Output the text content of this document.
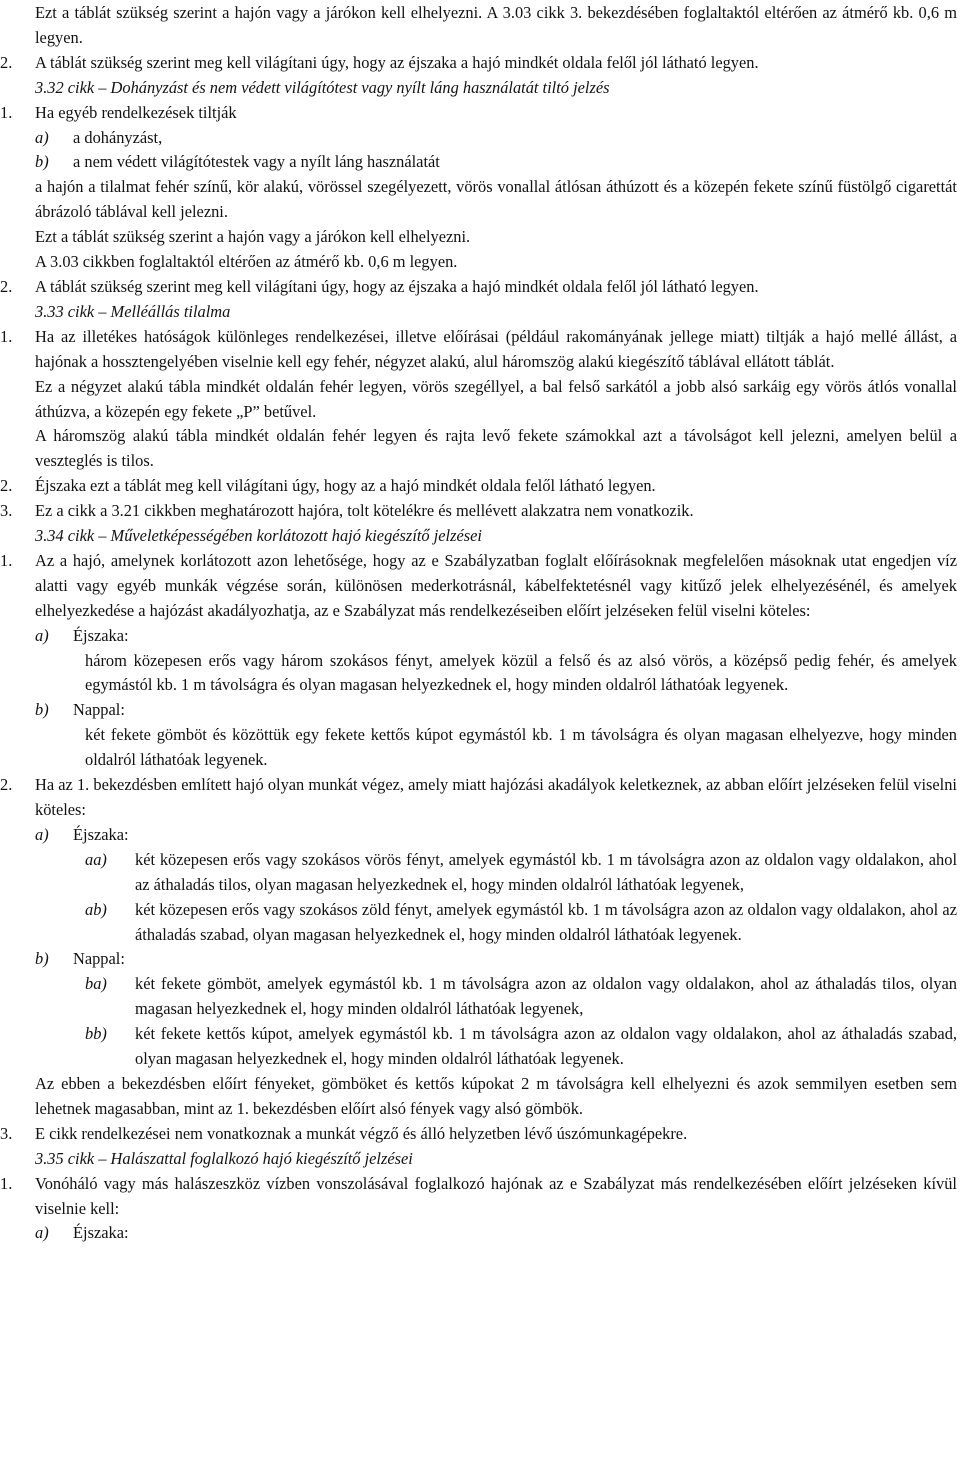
Ezt a táblát szükség szerint a hajón vagy a járókon kell elhelyezni. A 3.03 cikk 3. bekezdésében foglaltaktól eltérően az átmérő kb. 0,6 m legyen.

2. A táblát szükség szerint meg kell világítani úgy, hogy az éjszaka a hajó mindkét oldala felől jól látható legyen.

3.32 cikk – Dohányzást és nem védett világítótest vagy nyílt láng használatát tiltó jelzés

1. Ha egyéb rendelkezések tiltják

a) a dohányzást,
b) a nem védett világítótestek vagy a nyílt láng használatát

a hajón a tilalmat fehér színű, kör alakú, vörössel szegélyezett, vörös vonallal átlósan áthúzott és a közepén fekete színű füstölgő cigarettát ábrázoló táblával kell jelezni.

Ezt a táblát szükség szerint a hajón vagy a járókon kell elhelyezni.

A 3.03 cikkben foglaltaktól eltérően az átmérő kb. 0,6 m legyen.

2. A táblát szükség szerint meg kell világítani úgy, hogy az éjszaka a hajó mindkét oldala felől jól látható legyen.

3.33 cikk – Melléállás tilalma

1. Ha az illetékes hatóságok különleges rendelkezései, illetve előírásai (például rakományának jellege miatt) tiltják a hajó mellé állást, a hajónak a hossztengelyében viselnie kell egy fehér, négyzet alakú, alul háromszög alakú kiegészítő táblával ellátott táblát.

Ez a négyzet alakú tábla mindkét oldalán fehér legyen, vörös szegéllyel, a bal felső sarkától a jobb alsó sarkáig egy vörös átlós vonallal áthúzva, a közepén egy fekete „P” betűvel.

A háromszög alakú tábla mindkét oldalán fehér legyen és rajta levő fekete számokkal azt a távolságot kell jelezni, amelyen belül a veszteglés is tilos.

2. Éjszaka ezt a táblát meg kell világítani úgy, hogy az a hajó mindkét oldala felől látható legyen.

3. Ez a cikk a 3.21 cikkben meghatározott hajóra, tolt kötelékre és mellévett alakzatra nem vonatkozik.

3.34 cikk – Műveletképességében korlátozott hajó kiegészítő jelzései

1. Az a hajó, amelynek korlátozott azon lehetősége, hogy az e Szabályzatban foglalt előírásoknak megfelelően másoknak utat engedjen víz alatti vagy egyéb munkák végzése során, különösen mederkotrásnál, kábelfektetésnél vagy kitűző jelek elhelyezésénél, és amelyek elhelyezkedése a hajózást akadályozhatja, az e Szabályzat más rendelkezéseiben előírt jelzéseken felül viselni köteles:

a) Éjszaka:

három közepesen erős vagy három szokásos fényt, amelyek közül a felső és az alsó vörös, a középső pedig fehér, és amelyek egymástól kb. 1 m távolságra és olyan magasan helyezkednek el, hogy minden oldalról láthatóak legyenek.

b) Nappal:

két fekete gömböt és közöttük egy fekete kettős kúpot egymástól kb. 1 m távolságra és olyan magasan elhelyezve, hogy minden oldalról láthatóak legyenek.

2. Ha az 1. bekezdésben említett hajó olyan munkát végez, amely miatt hajózási akadályok keletkeznek, az abban előírt jelzéseken felül viselni köteles:

a) Éjszaka:
aa) két közepesen erős vagy szokásos vörös fényt, amelyek egymástól kb. 1 m távolságra azon az oldalon vagy oldalakon, ahol az áthaladás tilos, olyan magasan helyezkednek el, hogy minden oldalról láthatóak legyenek,

ab) két közepesen erős vagy szokásos zöld fényt, amelyek egymástól kb. 1 m távolságra azon az oldalon vagy oldalakon, ahol az áthaladás szabad, olyan magasan helyezkednek el, hogy minden oldalról láthatóak legyenek.

b) Nappal:
ba) két fekete gömböt, amelyek egymástól kb. 1 m távolságra azon az oldalon vagy oldalakon, ahol az áthaladás tilos, olyan magasan helyezkednek el, hogy minden oldalról láthatóak legyenek,

bb) két fekete kettős kúpot, amelyek egymástól kb. 1 m távolságra azon az oldalon vagy oldalakon, ahol az áthaladás szabad, olyan magasan helyezkednek el, hogy minden oldalról láthatóak legyenek.

Az ebben a bekezdésben előírt fényeket, gömböket és kettős kúpokat 2 m távolságra kell elhelyezni és azok semmilyen esetben sem lehetnek magasabban, mint az 1. bekezdésben előírt alsó fények vagy alsó gömbök.

3. E cikk rendelkezései nem vonatkoznak a munkát végző és álló helyzetben lévő úszómunkagépekre.

3.35 cikk – Halászattal foglalkozó hajó kiegészítő jelzései

1. Vonóháló vagy más halászeszköz vízben vonszolásával foglalkozó hajónak az e Szabályzat más rendelkezésében előírt jelzéseken kívül viselnie kell:

a) Éjszaka:
